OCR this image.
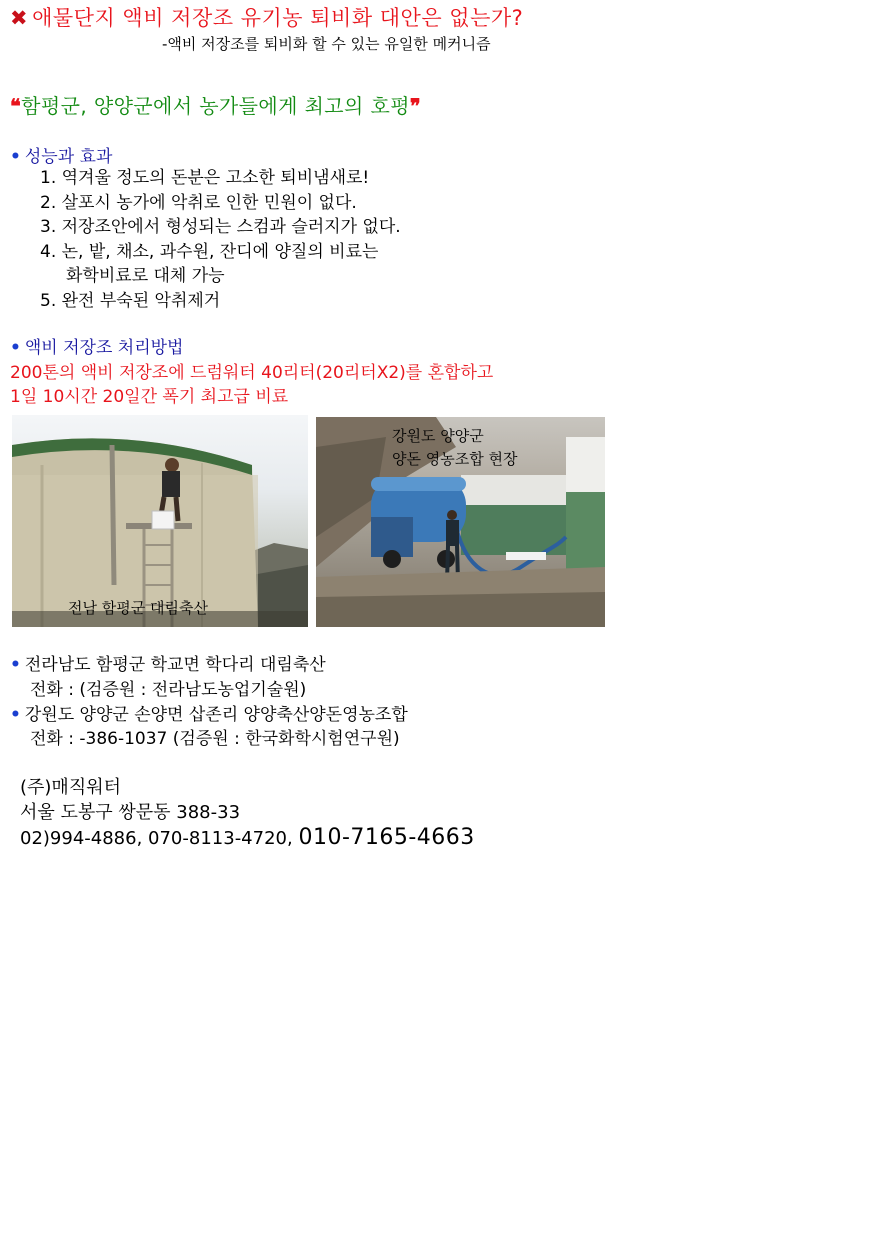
✖ 애물단지 액비 저장조 유기농 퇴비화 대안은 없는가?
-액비 저장조를 퇴비화 할 수 있는 유일한 메커니즘
❝함평군, 양양군에서 농가들에게 최고의 호평❞
• 성능과 효과
1. 역겨울 정도의 돈분은 고소한 퇴비냄새로!
2. 살포시 농가에 악취로 인한 민원이 없다.
3. 저장조안에서 형성되는 스컴과 슬러지가 없다.
4. 논, 밭, 채소, 과수원, 잔디에 양질의 비료는
화학비료로 대체 가능
5. 완전 부숙된 악취제거
• 액비 저장조 처리방법
200톤의 액비 저장조에 드럼워터 40리터(20리터X2)를 혼합하고
1일 10시간 20일간 폭기 최고급 비료
전남 함평군 대림축산
강원도 양양군
양돈 영농조합 현장
• 전라남도 함평군 학교면 학다리 대림축산
전화 : (검증원 : 전라남도농업기술원)
• 강원도 양양군 손양면 삽존리 양양축산양돈영농조합
전화 : -386-1037 (검증원 : 한국화학시험연구원)
(주)매직워터
서울 도봉구 쌍문동 388-33
02)994-4886, 070-8113-4720, 010-7165-4663
